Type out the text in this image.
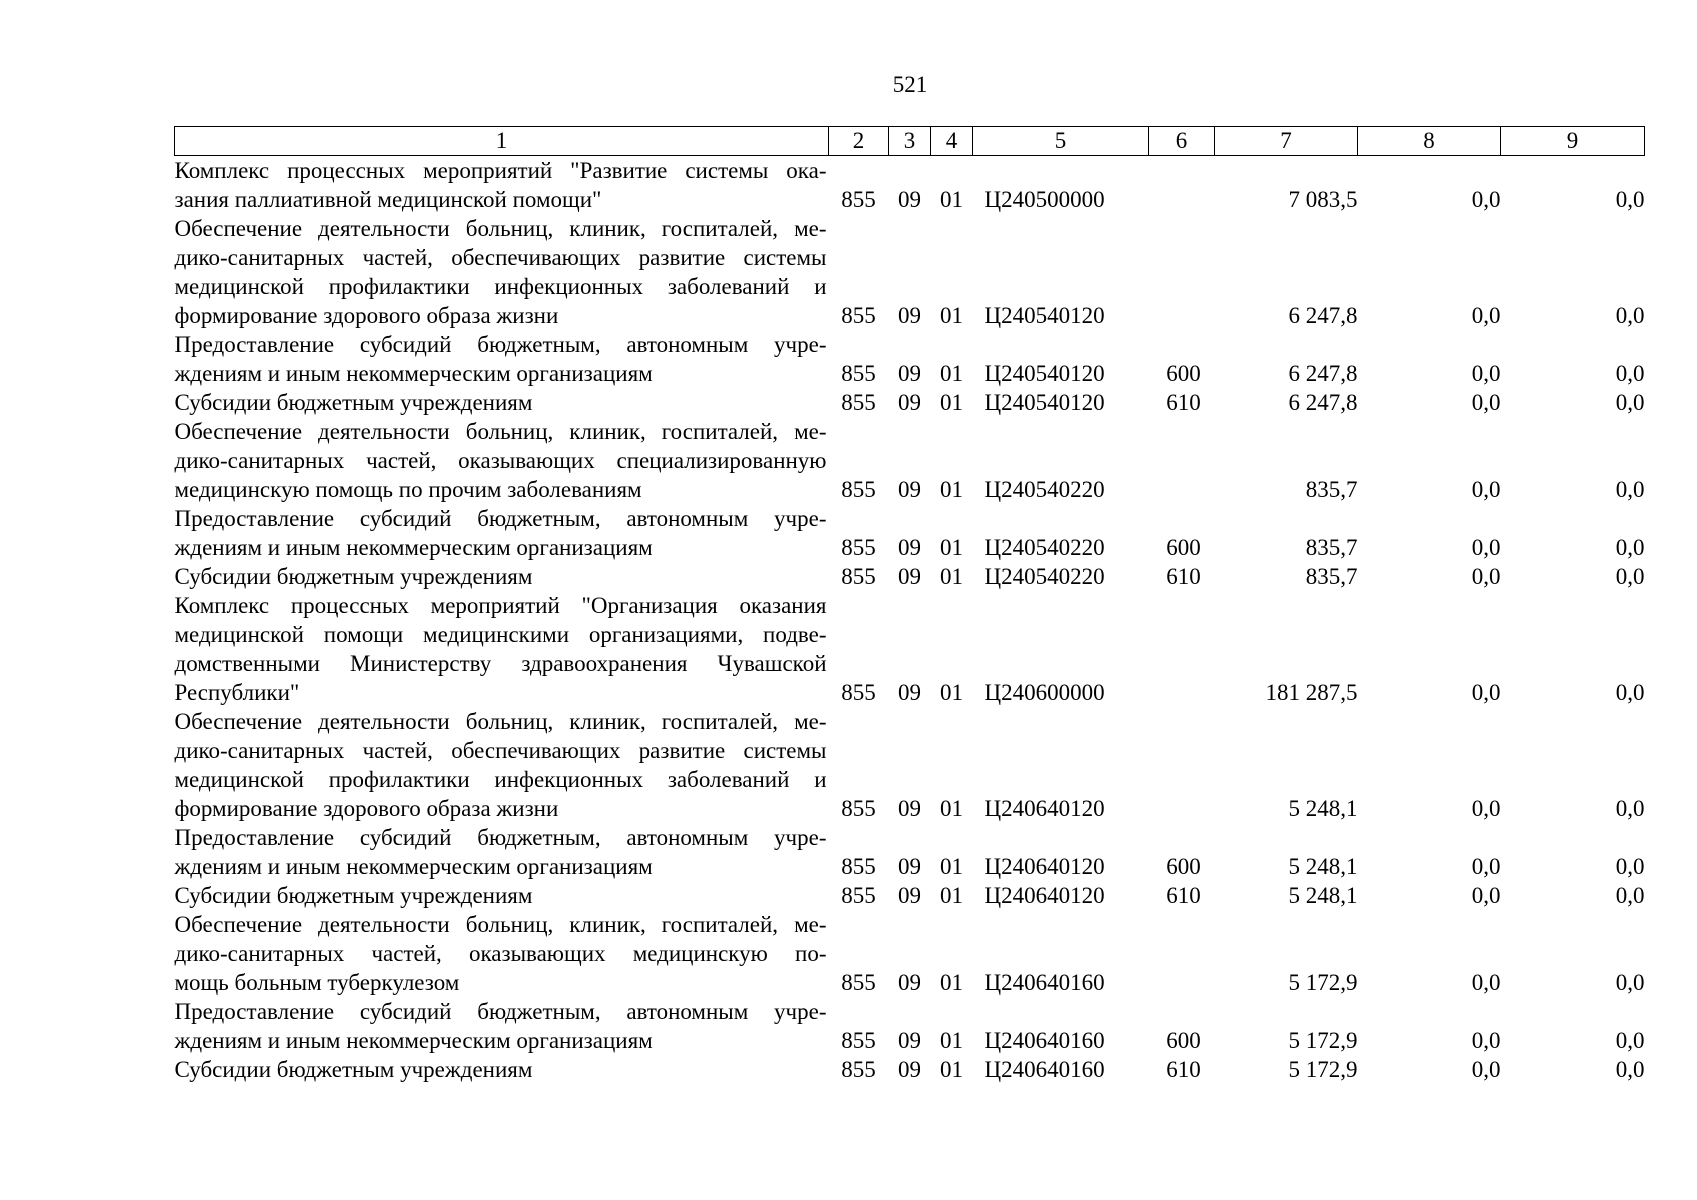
521
1	2	3	4	5	6	7	8	9

Комплекс процессных мероприятий "Развитие системы ока-
зания паллиативной медицинской помощи"	855	09	01	Ц240500000		7 083,5	0,0	0,0

Обеспечение деятельности больниц, клиник, госпиталей, ме-
дико-санитарных частей, обеспечивающих развитие системы
медицинской профилактики инфекционных заболеваний и
формирование здорового образа жизни	855	09	01	Ц240540120		6 247,8	0,0	0,0

Предоставление субсидий бюджетным, автономным учре-
ждениям и иным некоммерческим организациям	855	09	01	Ц240540120	600	6 247,8	0,0	0,0

Субсидии бюджетным учреждениям	855	09	01	Ц240540120	610	6 247,8	0,0	0,0

Обеспечение деятельности больниц, клиник, госпиталей, ме-
дико-санитарных частей, оказывающих специализированную
медицинскую помощь по прочим заболеваниям	855	09	01	Ц240540220		835,7	0,0	0,0

Предоставление субсидий бюджетным, автономным учре-
ждениям и иным некоммерческим организациям	855	09	01	Ц240540220	600	835,7	0,0	0,0

Субсидии бюджетным учреждениям	855	09	01	Ц240540220	610	835,7	0,0	0,0

Комплекс процессных мероприятий "Организация оказания
медицинской помощи медицинскими организациями, подве-
домственными Министерству здравоохранения Чувашской
Республики"	855	09	01	Ц240600000		181 287,5	0,0	0,0

Обеспечение деятельности больниц, клиник, госпиталей, ме-
дико-санитарных частей, обеспечивающих развитие системы
медицинской профилактики инфекционных заболеваний и
формирование здорового образа жизни	855	09	01	Ц240640120		5 248,1	0,0	0,0

Предоставление субсидий бюджетным, автономным учре-
ждениям и иным некоммерческим организациям	855	09	01	Ц240640120	600	5 248,1	0,0	0,0

Субсидии бюджетным учреждениям	855	09	01	Ц240640120	610	5 248,1	0,0	0,0

Обеспечение деятельности больниц, клиник, госпиталей, ме-
дико-санитарных частей, оказывающих медицинскую по-
мощь больным туберкулезом	855	09	01	Ц240640160		5 172,9	0,0	0,0

Предоставление субсидий бюджетным, автономным учре-
ждениям и иным некоммерческим организациям	855	09	01	Ц240640160	600	5 172,9	0,0	0,0

Субсидии бюджетным учреждениям	855	09	01	Ц240640160	610	5 172,9	0,0	0,0
